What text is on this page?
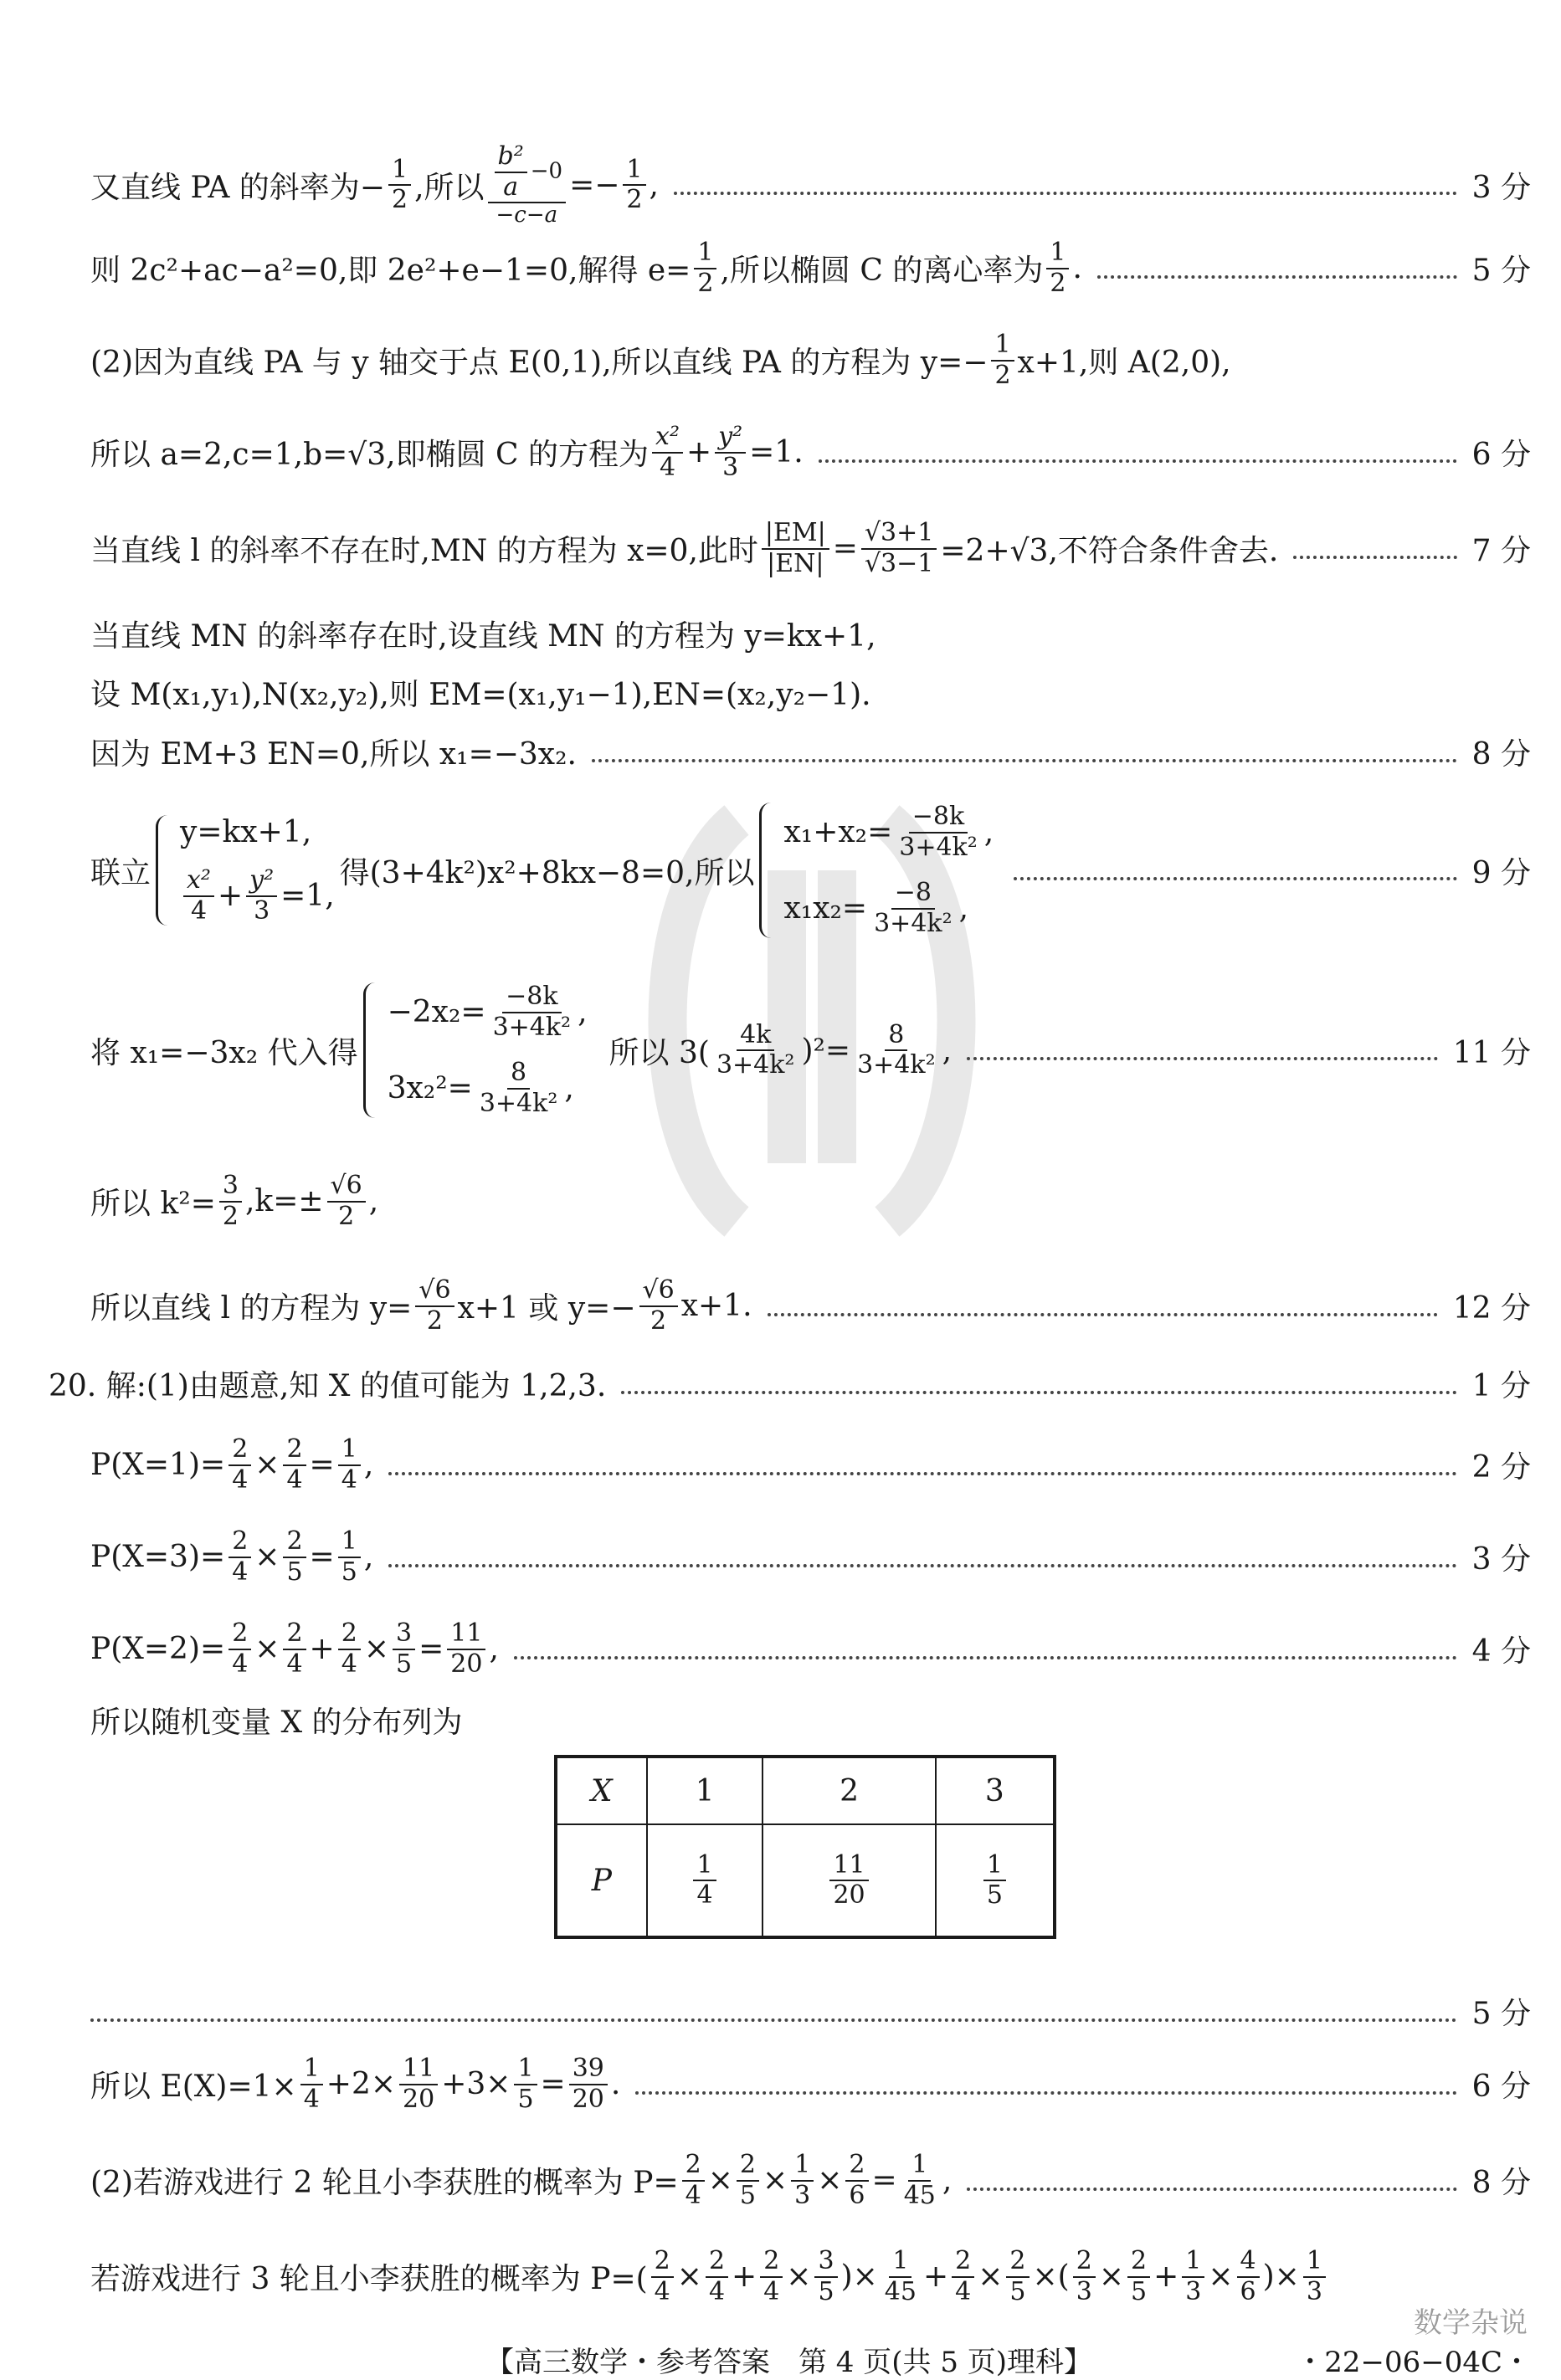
又直线 PA 的斜率为− $\frac{1}{2}$ ,所以 $\frac{\frac{\text{b²}}{a} -0}{-c-a} =- \frac{1}{2}$ ,	3 分
则 2c²+ac−a²=0,即 2e²+e−1=0,解得 $e= \frac{1}{2}$ ,所以椭圆 C 的离心率为 $\frac{1}{2}$ .	5 分
(2)因为直线 PA 与 y 轴交于点 E(0,1),所以直线 PA 的方程为 $y=- \frac{1}{2} x+1$,则 A(2,0),
所以 a=2,c=1,b=√3,即椭圆 C 的方程为 $\frac{\text{x²}}{4} + \frac{\text{y²}}{3} =1$.	6 分
当直线 l 的斜率不存在时,MN 的方程为 x=0,此时 $\frac{|EM|}{|EN|} = \frac{√3+1}{√3-1} =2+√3$,不符合条件舍去.	7 分
当直线 MN 的斜率存在时,设直线 MN 的方程为 y=kx+1,
设 M(x₁,y₁),N(x₂,y₂),则 EM=(x₁,y₁−1),EN=(x₂,y₂−1).
因为 EM+3 EN=0,所以 x₁=−3x₂.	8 分
联立
y=kx+1,
$\frac{\text{x²}}{4} + \frac{\text{y²}}{3} =1$,
得(3+4k²)x²+8kx−8=0,所以
$x_1+x_2= \frac{-8k}{\text{3+4k²}}$ ,
$x_1x_2= \frac{-8}{\text{3+4k²}}$ ,
9 分
将 x₁=−3x₂ 代入得
$-2x_2= \frac{-8k}{\text{3+4k²}}$ ,
$3x_2^2= \frac{8}{\text{3+4k²}}$ ,
所以 $3( \frac{4k}{\text{3+4k²}} )^2= \frac{8}{\text{3+4k²}}$ ,	11 分
所以 $k^2= \frac{3}{2} ,k=\pm \frac{√6}{2}$ ,
所以直线 l 的方程为 $y= \frac{√6}{2} x+1$ 或 $y=- \frac{√6}{2} x+1$.	12 分
20. 解:(1)由题意,知 X 的值可能为 1,2,3.	1 分
$P(X=1)= \frac{2}{4} \times \frac{2}{4} = \frac{1}{4}$ ,	2 分
$P(X=3)= \frac{2}{4} \times \frac{2}{5} = \frac{1}{5}$ ,	3 分
$P(X=2)= \frac{2}{4} \times \frac{2}{4} + \frac{2}{4} \times \frac{3}{5} = \frac{11}{20}$ ,	4 分
所以随机变量 X 的分布列为
X	1	2	3
P	$\frac{1}{4}$	$\frac{11}{20}$	$\frac{1}{5}$
5 分
所以 $E(X)=1\times \frac{1}{4} +2\times \frac{11}{20} +3\times \frac{1}{5} = \frac{39}{20}$ .	6 分
(2)若游戏进行 2 轮且小李获胜的概率为 $P= \frac{2}{4} \times \frac{2}{5} \times \frac{1}{3} \times \frac{2}{6} = \frac{1}{45}$ ,	8 分
若游戏进行 3 轮且小李获胜的概率为 $P=( \frac{2}{4} \times \frac{2}{4} + \frac{2}{4} \times \frac{3}{5}$ )× $\frac{1}{45} + \frac{2}{4} \times \frac{2}{5}$ ×( $\frac{2}{3} \times \frac{2}{5} + \frac{1}{3} \times \frac{4}{6}$ )× $\frac{1}{3}$
【高三数学・参考答案　第 4 页(共 5 页)理科】	・22−06−04C・
数学杂说
